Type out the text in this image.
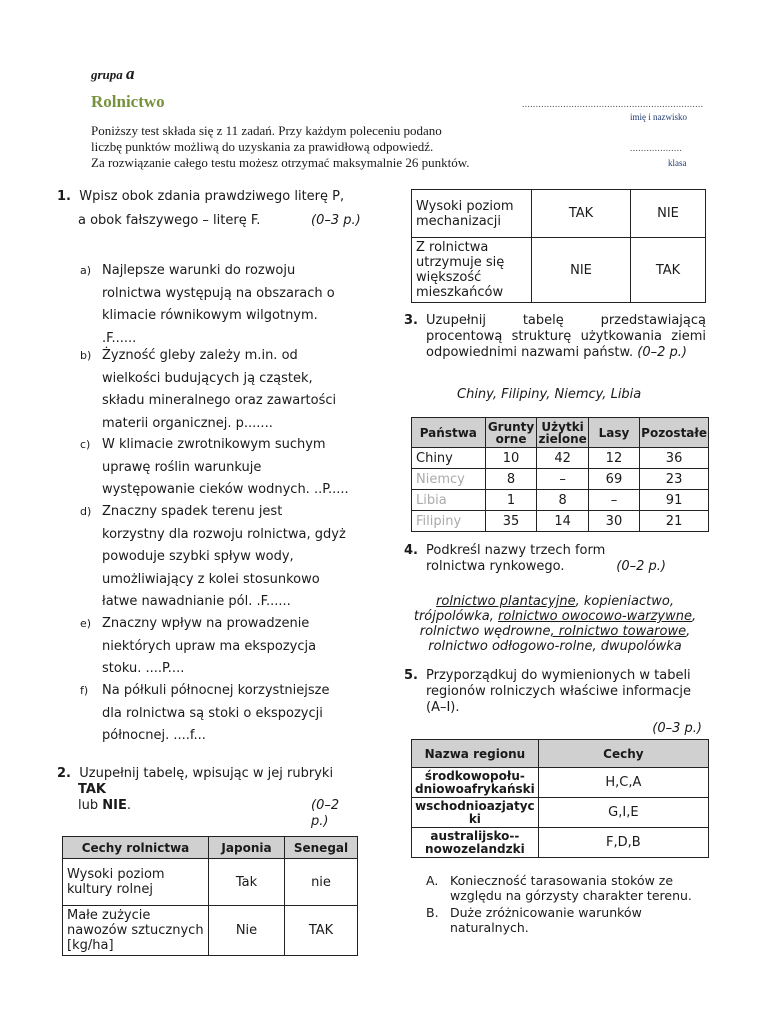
grupa a
Rolnictwo
Poniższy test składa się z 11 zadań. Przy każdym poleceniu podano
liczbę punktów możliwą do uzyskania za prawidłową odpowiedź.
Za rozwiązanie całego testu możesz otrzymać maksymalnie 26 punktów.
..................................................................
imię i nazwisko
...................
klasa
1. Wpisz obok zdania prawdziwego literę P,
a obok fałszywego – literę F.	(0–3 p.)
a) Najlepsze warunki do rozwoju
rolnictwa występują na obszarach o
klimacie równikowym wilgotnym.
.F......
b) Żyzność gleby zależy m.in. od
wielkości budujących ją cząstek,
składu mineralnego oraz zawartości
materii organicznej. p.......
c) W klimacie zwrotnikowym suchym
uprawę roślin warunkuje
występowanie cieków wodnych. ..P.....
d) Znaczny spadek terenu jest
korzystny dla rozwoju rolnictwa, gdyż
powoduje szybki spływ wody,
umożliwiający z kolei stosunkowo
łatwe nawadnianie pól. .F......
e) Znaczny wpływ na prowadzenie
niektórych upraw ma ekspozycja
stoku. ....P....
f) Na półkuli północnej korzystniejsze
dla rolnictwa są stoki o ekspozycji
północnej. ....f...
2. Uzupełnij tabelę, wpisując w jej rubryki
TAK
lub NIE.	(0–2 p.)
Cechy rolnictwa	Japonia	Senegal
Wysoki poziom kultury rolnej	Tak	nie
Małe zużycie nawozów sztucznych [kg/ha]	Nie	TAK
Wysoki poziom mechanizacji	TAK	NIE
Z rolnictwa utrzymuje się większość mieszkańców	NIE	TAK
3. Uzupełnij tabelę przedstawiającą procentową strukturę użytkowania ziemi odpowiednimi nazwami państw. (0–2 p.)
Chiny, Filipiny, Niemcy, Libia
Państwa	Grunty orne	Użytki zielone	Lasy	Pozostałe
Chiny	10	42	12	36
Niemcy	8	–	69	23
Libia	1	8	–	91
Filipiny	35	14	30	21
4. Podkreśl nazwy trzech form rolnictwa rynkowego.	(0–2 p.)
rolnictwo plantacyjne, kopieniactwo,
trójpolówka, rolnictwo owocowo-warzywne,
rolnictwo wędrowne, rolnictwo towarowe,
rolnictwo odłogowo-rolne, dwupolówka
5. Przyporządkuj do wymienionych w tabeli regionów rolniczych właściwe informacje (A–I).
(0–3 p.)
Nazwa regionu	Cechy
środkowopołu-dniowoafrykański	H,C,A
wschodnioazjatycki	G,I,E
australijsko--nowozelandzki	F,D,B
A. Konieczność tarasowania stoków ze względu na górzysty charakter terenu.
B. Duże zróżnicowanie warunków naturalnych.
